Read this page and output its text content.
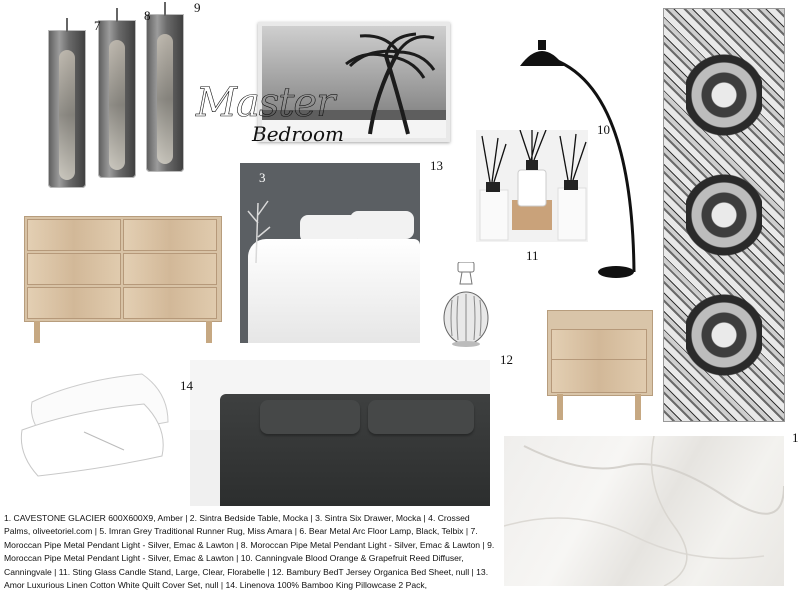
7
8
9
Master
Bedroom	10
3
13
11
12
14
1
1. CAVESTONE GLACIER 600X600X9, Amber | 2. Sintra Bedside Table, Mocka | 3. Sintra Six Drawer, Mocka | 4. Crossed Palms, oliveetoriel.com | 5. Imran Grey Traditional Runner Rug, Miss Amara | 6. Bear Metal Arc Floor Lamp, Black, Telbix | 7. Moroccan Pipe Metal Pendant Light - Silver, Emac & Lawton | 8. Moroccan Pipe Metal Pendant Light - Silver, Emac & Lawton | 9. Moroccan Pipe Metal Pendant Light - Silver, Emac & Lawton | 10. Canningvale Blood Orange & Grapefruit Reed Diffuser, Canningvale | 11. Sting Glass Candle Stand, Large, Clear, Florabelle | 12. Bambury BedT Jersey Organica Bed Sheet, null | 13. Amor Luxurious Linen Cotton White Quilt Cover Set, null | 14. Linenova 100% Bamboo King Pillowcase 2 Pack,
